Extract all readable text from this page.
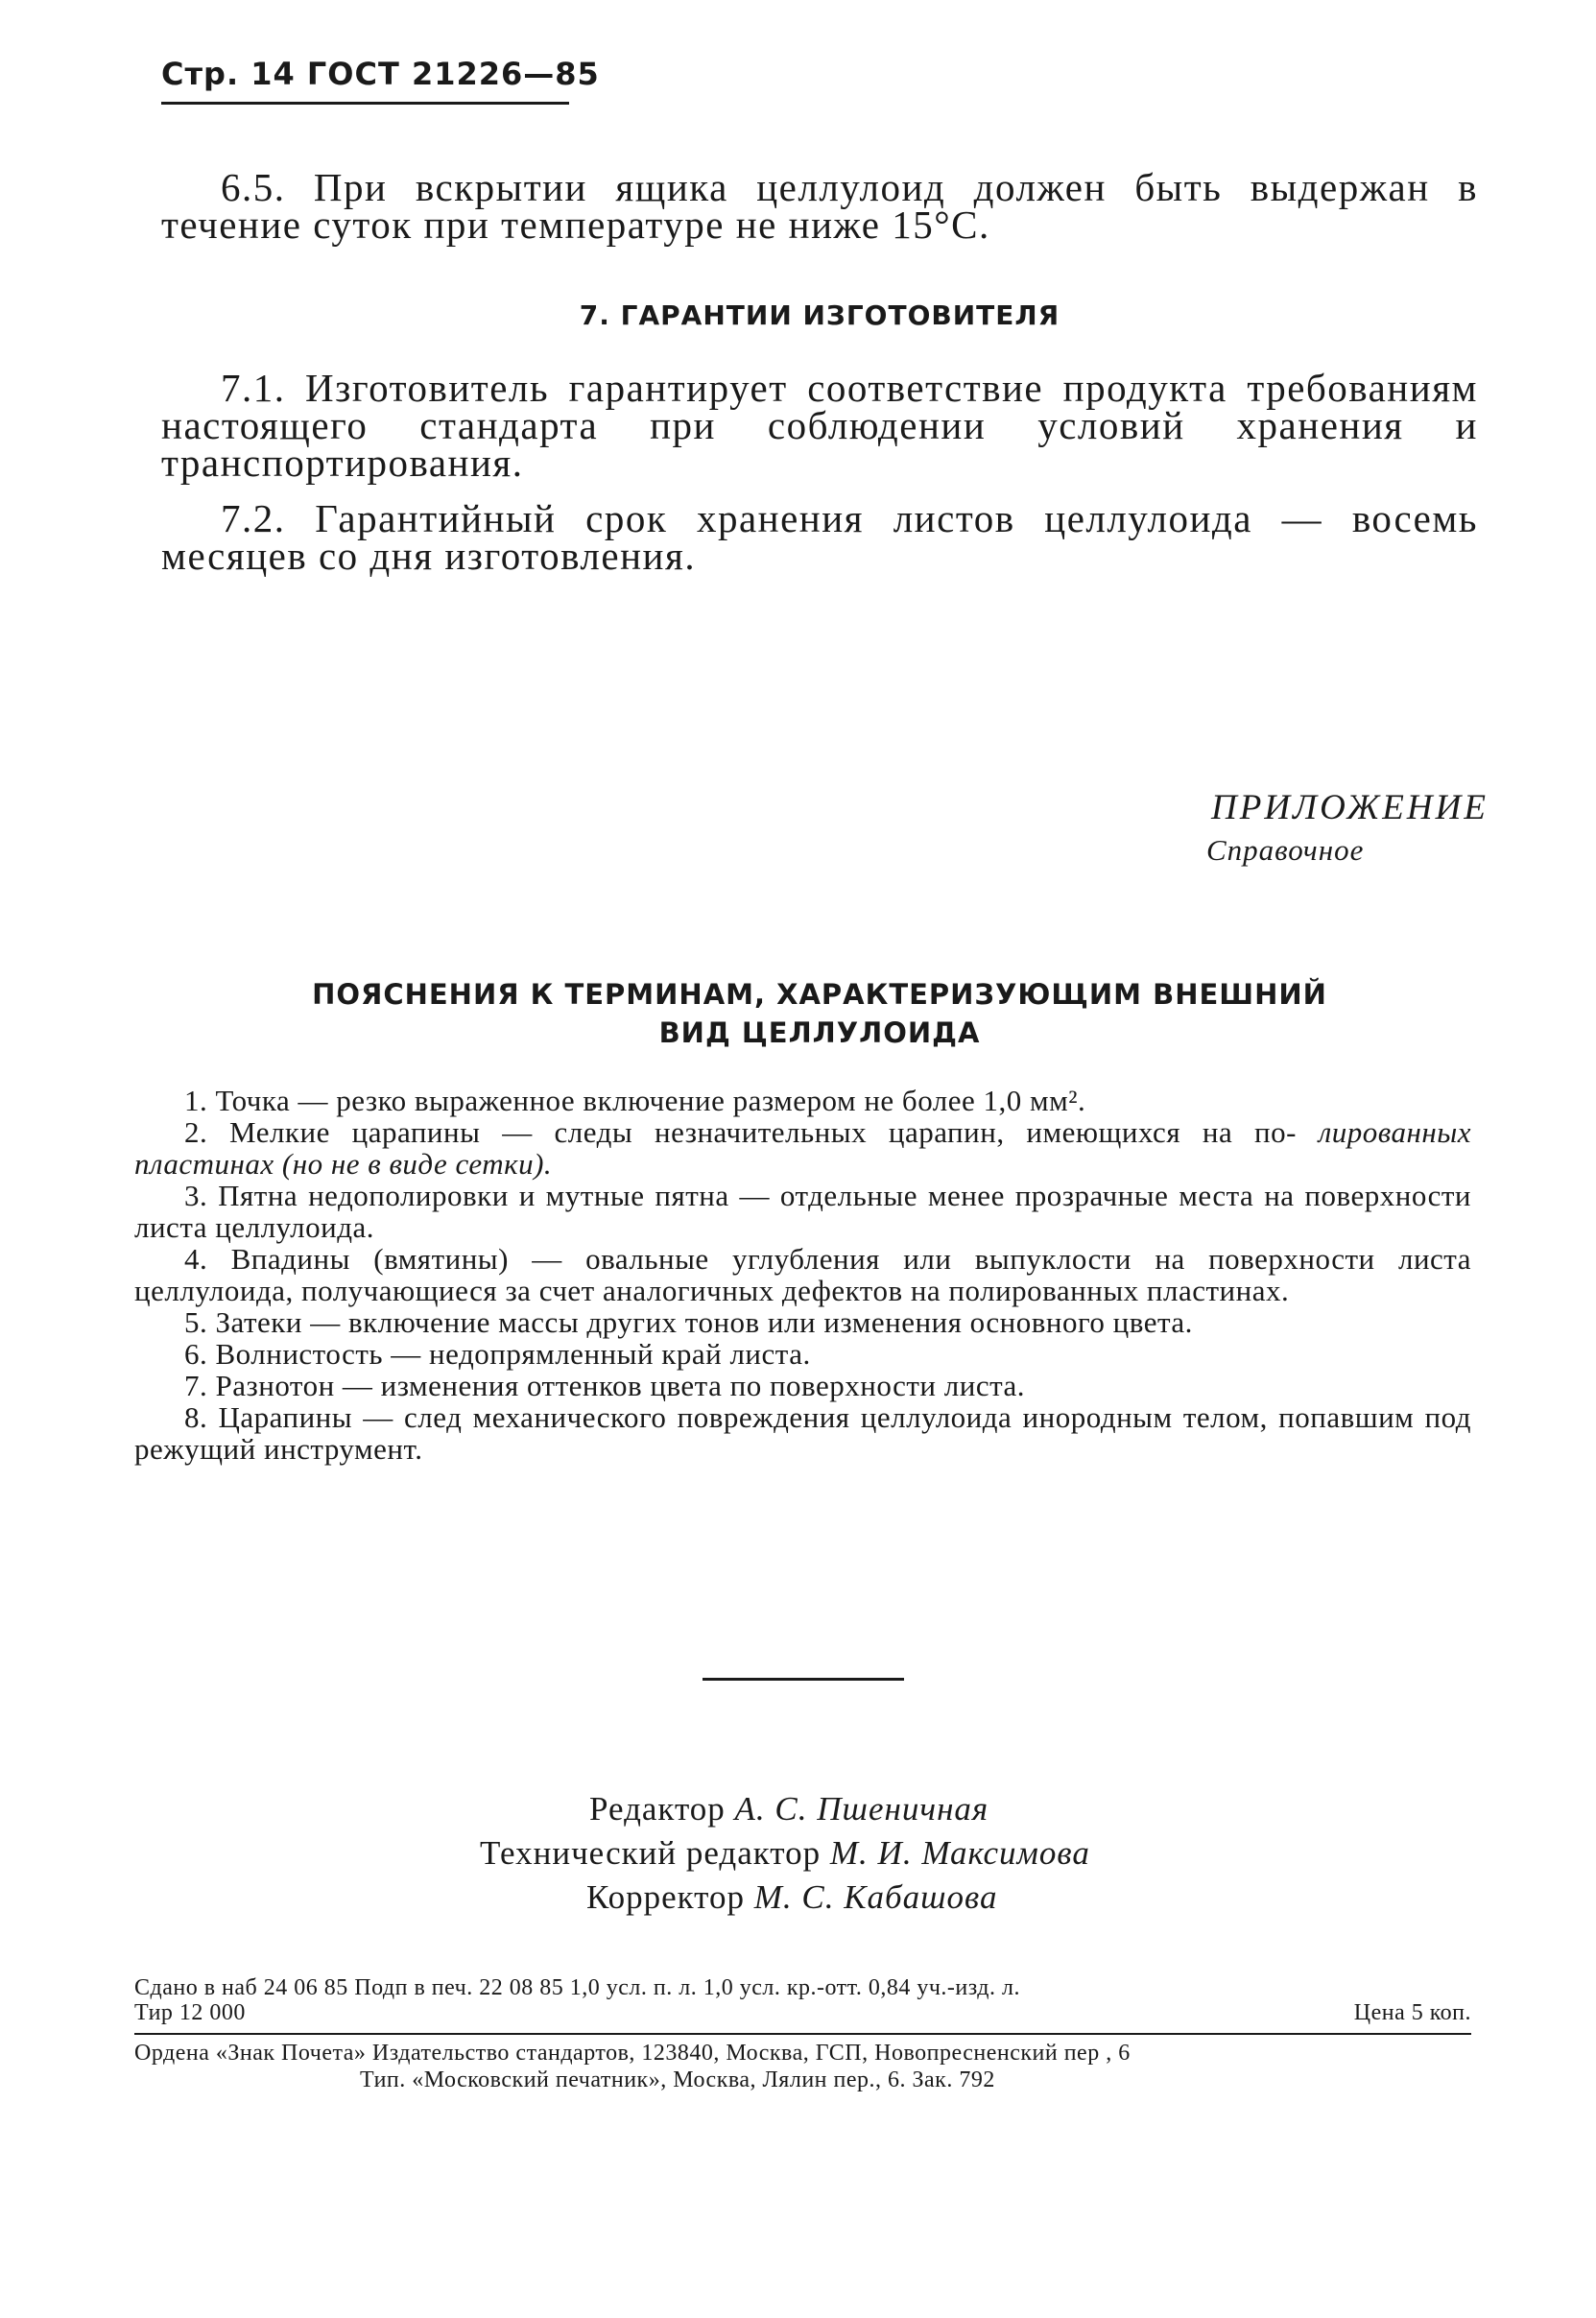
Стр. 14 ГОСТ 21226—85
6.5. При вскрытии ящика целлулоид должен быть выдержан в течение суток при температуре не ниже 15°С.
7. ГАРАНТИИ ИЗГОТОВИТЕЛЯ
7.1. Изготовитель гарантирует соответствие продукта требованиям настоящего стандарта при соблюдении условий хранения и транспортирования.
7.2. Гарантийный срок хранения листов целлулоида — восемь месяцев со дня изготовления.
ПРИЛОЖЕНИЕ
Справочное
ПОЯСНЕНИЯ К ТЕРМИНАМ, ХАРАКТЕРИЗУЮЩИМ ВНЕШНИЙ
ВИД ЦЕЛЛУЛОИДА
1. Точка — резко выраженное включение размером не более 1,0 мм².
2. Мелкие царапины — следы незначительных царапин, имеющихся на по- лированных пластинах (но не в виде сетки).
3. Пятна недополировки и мутные пятна — отдельные менее прозрачные места на поверхности листа целлулоида.
4. Впадины (вмятины) — овальные углубления или выпуклости на поверхности листа целлулоида, получающиеся за счет аналогичных дефектов на полированных пластинах.
5. Затеки — включение массы других тонов или изменения основного цвета.
6. Волнистость — недопрямленный край листа.
7. Разнотон — изменения оттенков цвета по поверхности листа.
8. Царапины — след механического повреждения целлулоида инородным телом, попавшим под режущий инструмент.
Редактор А. С. Пшеничная
Технический редактор М. И. Максимова
Корректор М. С. Кабашова
Сдано в наб 24 06 85 Подп в печ. 22 08 85 1,0 усл. п. л. 1,0 усл. кр.-отт. 0,84 уч.-изд. л.
Тир 12 000	Цена 5 коп.
Ордена «Знак Почета» Издательство стандартов, 123840, Москва, ГСП, Новопресненский пер , 6
Тип. «Московский печатник», Москва, Лялин пер., 6. Зак. 792
